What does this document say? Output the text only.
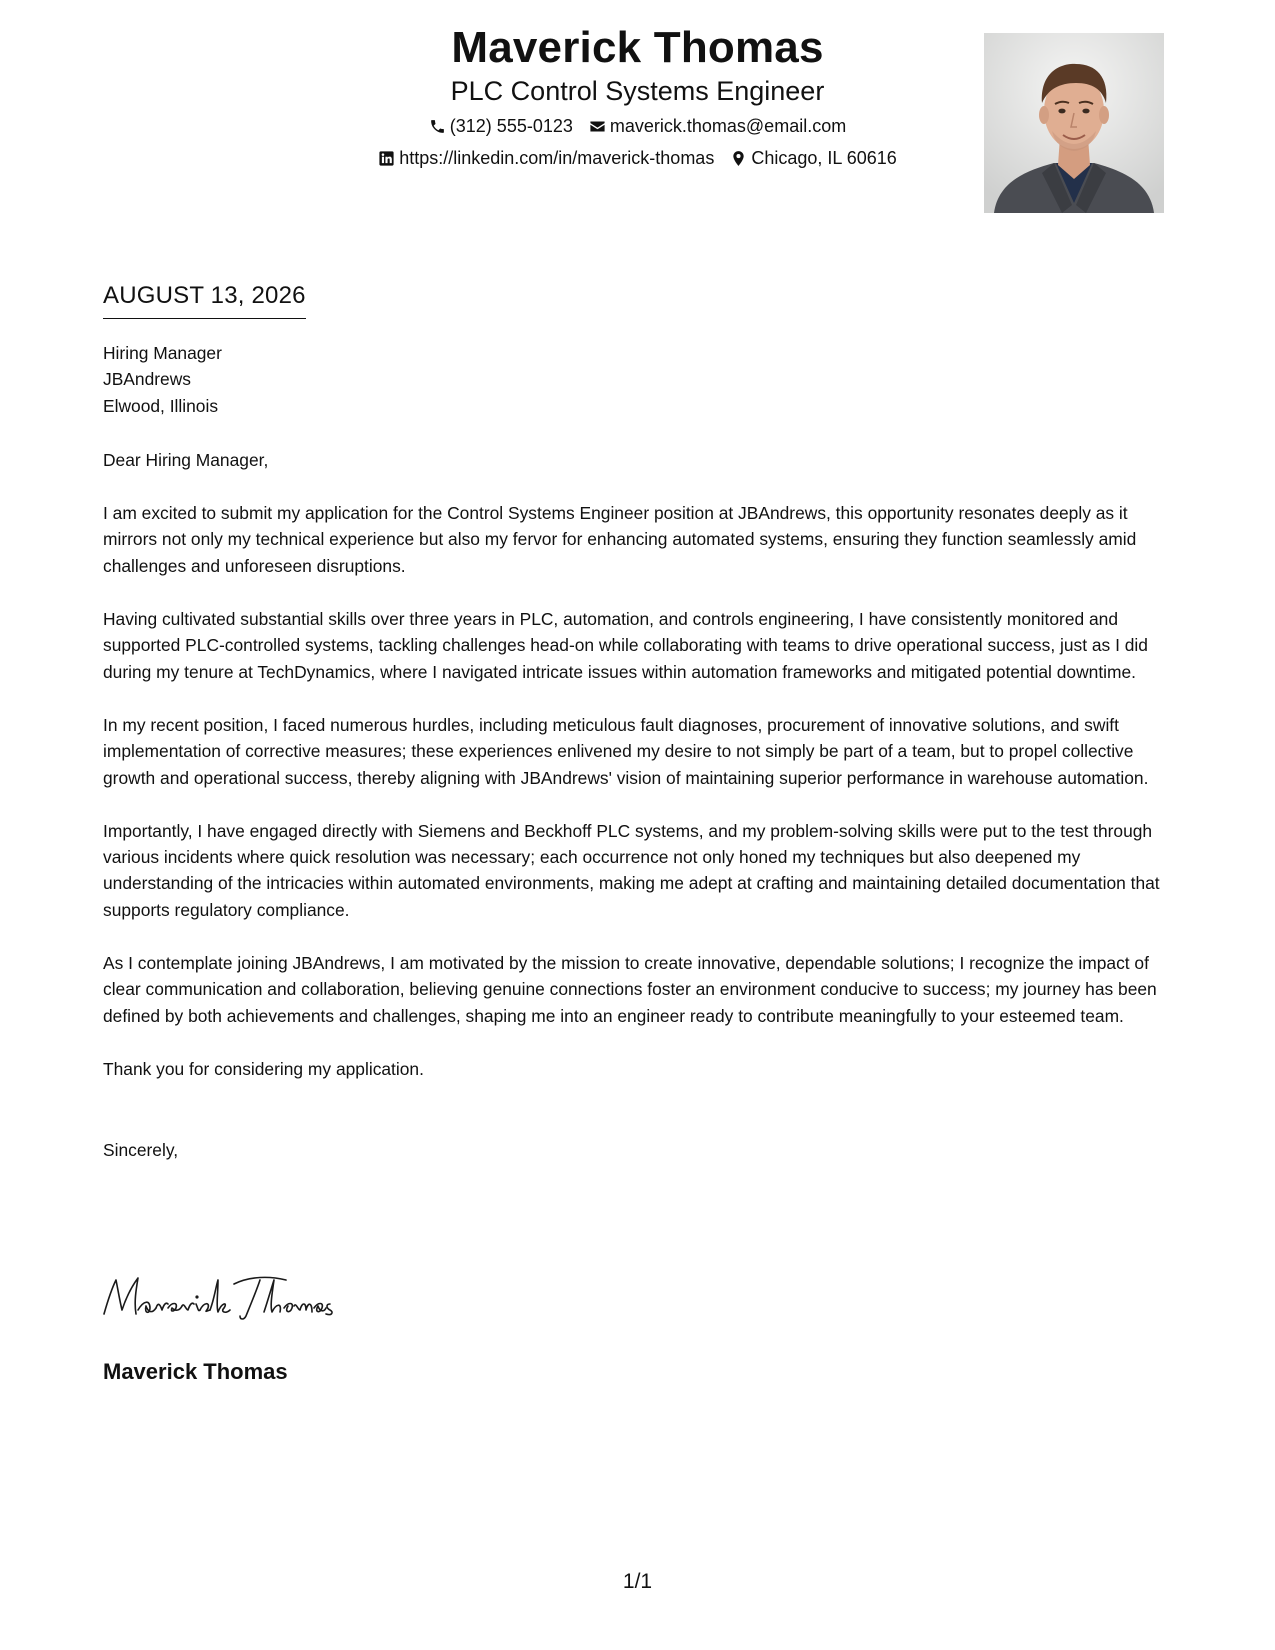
Maverick Thomas
PLC Control Systems Engineer
(312) 555-0123 maverick.thomas@email.com
https://linkedin.com/in/maverick-thomas Chicago, IL 60616
AUGUST 13, 2026
Hiring Manager
JBAndrews
Elwood, Illinois
Dear Hiring Manager,
I am excited to submit my application for the Control Systems Engineer position at JBAndrews, this opportunity resonates deeply as it mirrors not only my technical experience but also my fervor for enhancing automated systems, ensuring they function seamlessly amid challenges and unforeseen disruptions.
Having cultivated substantial skills over three years in PLC, automation, and controls engineering, I have consistently monitored and supported PLC-controlled systems, tackling challenges head-on while collaborating with teams to drive operational success, just as I did during my tenure at TechDynamics, where I navigated intricate issues within automation frameworks and mitigated potential downtime.
In my recent position, I faced numerous hurdles, including meticulous fault diagnoses, procurement of innovative solutions, and swift implementation of corrective measures; these experiences enlivened my desire to not simply be part of a team, but to propel collective growth and operational success, thereby aligning with JBAndrews' vision of maintaining superior performance in warehouse automation.
Importantly, I have engaged directly with Siemens and Beckhoff PLC systems, and my problem-solving skills were put to the test through various incidents where quick resolution was necessary; each occurrence not only honed my techniques but also deepened my understanding of the intricacies within automated environments, making me adept at crafting and maintaining detailed documentation that supports regulatory compliance.
As I contemplate joining JBAndrews, I am motivated by the mission to create innovative, dependable solutions; I recognize the impact of clear communication and collaboration, believing genuine connections foster an environment conducive to success; my journey has been defined by both achievements and challenges, shaping me into an engineer ready to contribute meaningfully to your esteemed team.
Thank you for considering my application.
Sincerely,
Maverick Thomas
1/1
